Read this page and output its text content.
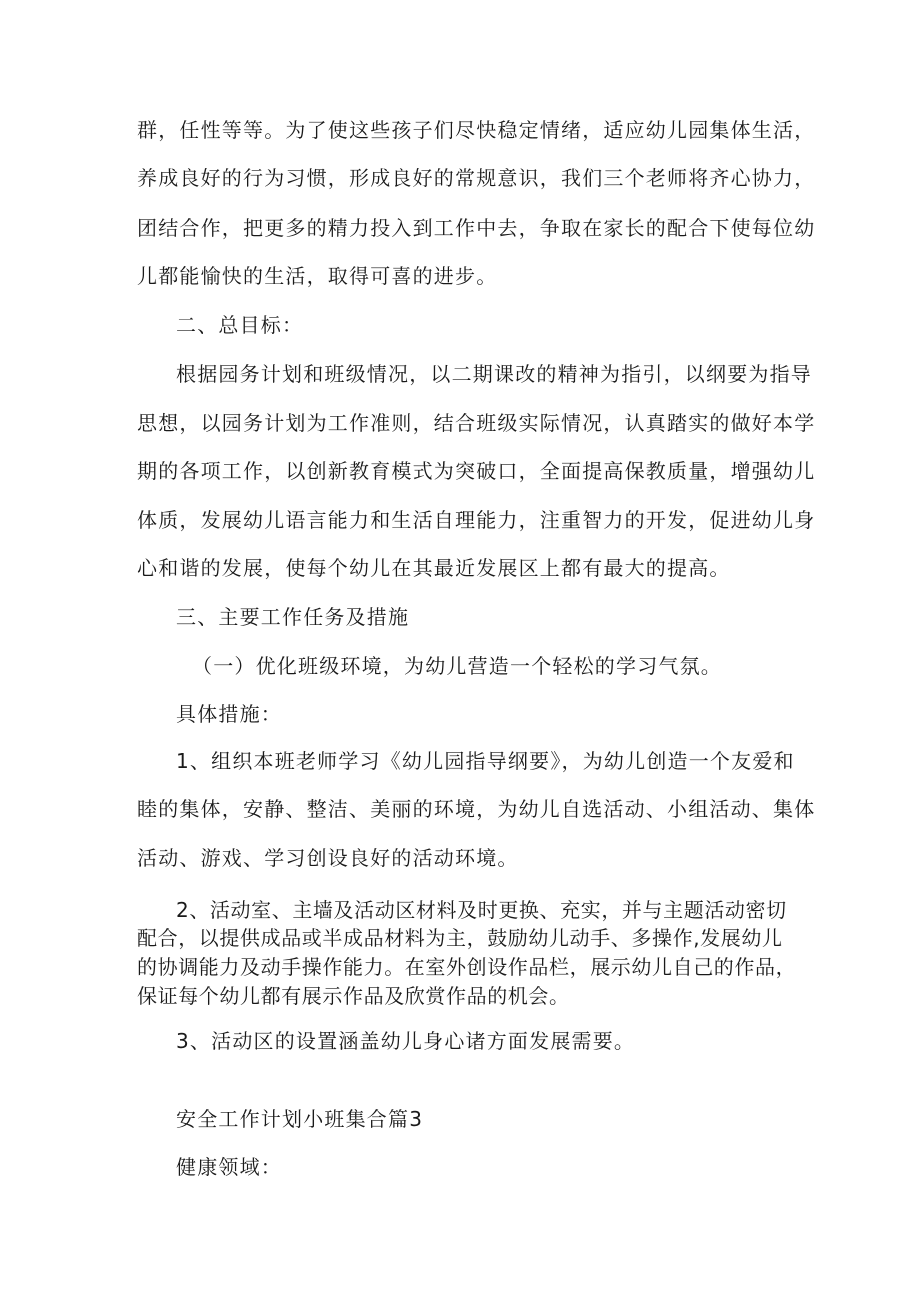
群，任性等等。为了使这些孩子们尽快稳定情绪，适应幼儿园集体生活，
养成良好的行为习惯，形成良好的常规意识，我们三个老师将齐心协力，
团结合作，把更多的精力投入到工作中去，争取在家长的配合下使每位幼
儿都能愉快的生活，取得可喜的进步。
二、总目标：
根据园务计划和班级情况，以二期课改的精神为指引，以纲要为指导
思想，以园务计划为工作准则，结合班级实际情况，认真踏实的做好本学
期的各项工作，以创新教育模式为突破口，全面提高保教质量，增强幼儿
体质，发展幼儿语言能力和生活自理能力，注重智力的开发，促进幼儿身
心和谐的发展，使每个幼儿在其最近发展区上都有最大的提高。
三、主要工作任务及措施
（一）优化班级环境，为幼儿营造一个轻松的学习气氛。
具体措施：
1、组织本班老师学习《幼儿园指导纲要》，为幼儿创造一个友爱和
睦的集体，安静、整洁、美丽的环境，为幼儿自选活动、小组活动、集体
活动、游戏、学习创设良好的活动环境。
2、活动室、主墙及活动区材料及时更换、充实，并与主题活动密切
配合，以提供成品或半成品材料为主，鼓励幼儿动手、多操作,发展幼儿
的协调能力及动手操作能力。在室外创设作品栏，展示幼儿自己的作品，
保证每个幼儿都有展示作品及欣赏作品的机会。
3、活动区的设置涵盖幼儿身心诸方面发展需要。
安全工作计划小班集合篇3
健康领域：
